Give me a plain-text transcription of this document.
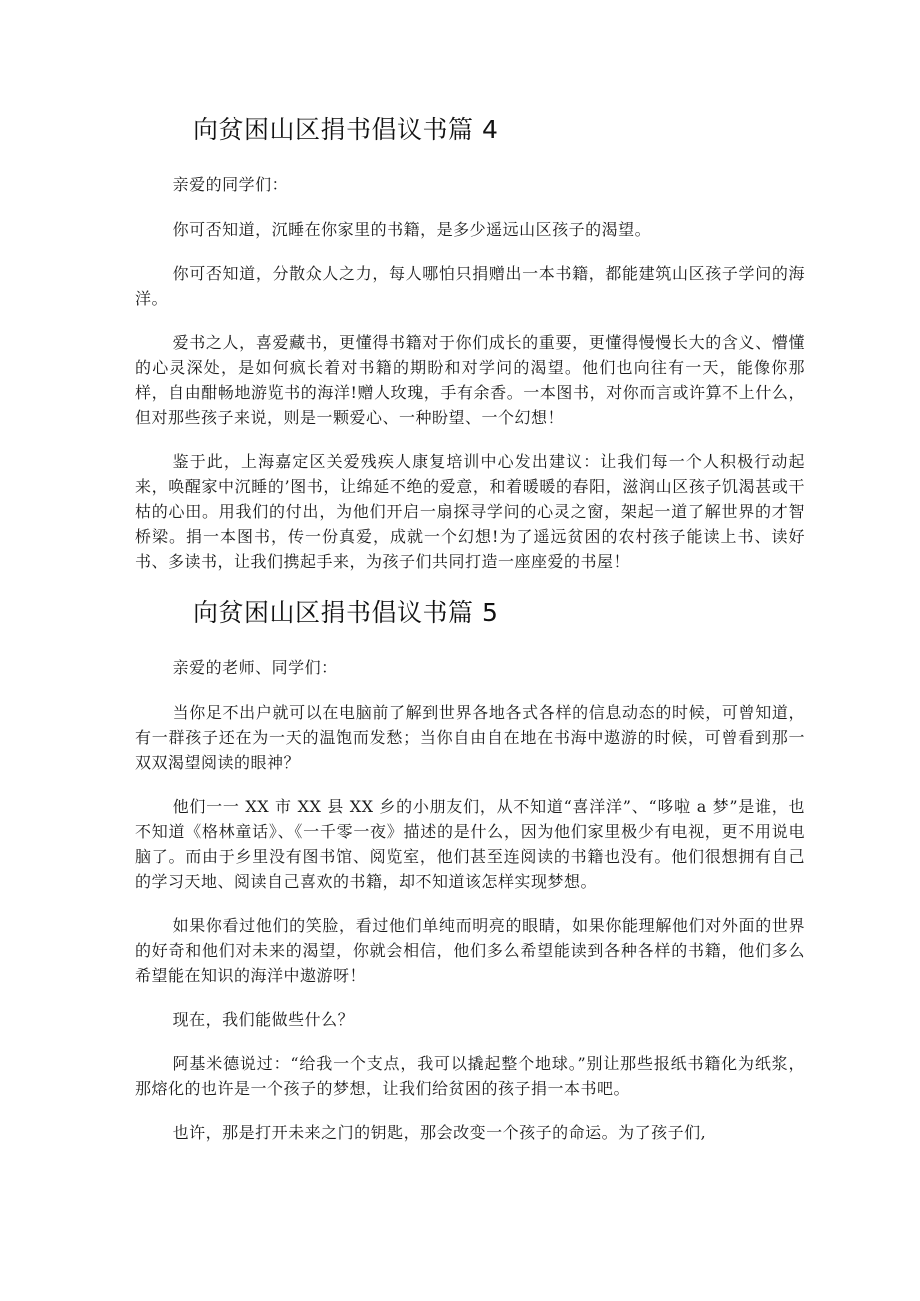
向贫困山区捐书倡议书篇 4

亲爱的同学们：

你可否知道，沉睡在你家里的书籍，是多少遥远山区孩子的渴望。

你可否知道，分散众人之力，每人哪怕只捐赠出一本书籍，都能建筑山区孩子学问的海洋。

爱书之人，喜爱藏书，更懂得书籍对于你们成长的重要，更懂得慢慢长大的含义、懵懂的心灵深处，是如何疯长着对书籍的期盼和对学问的渴望。他们也向往有一天，能像你那样，自由酣畅地游览书的海洋!赠人玫瑰，手有余香。一本图书，对你而言或许算不上什么，但对那些孩子来说，则是一颗爱心、一种盼望、一个幻想！

鉴于此，上海嘉定区关爱残疾人康复培训中心发出建议：让我们每一个人积极行动起来，唤醒家中沉睡的’图书，让绵延不绝的爱意，和着暖暖的春阳，滋润山区孩子饥渴甚或干枯的心田。用我们的付出，为他们开启一扇探寻学问的心灵之窗，架起一道了解世界的才智桥梁。捐一本图书，传一份真爱，成就一个幻想!为了遥远贫困的农村孩子能读上书、读好书、多读书，让我们携起手来，为孩子们共同打造一座座爱的书屋！

向贫困山区捐书倡议书篇 5

亲爱的老师、同学们：

当你足不出户就可以在电脑前了解到世界各地各式各样的信息动态的时候，可曾知道，有一群孩子还在为一天的温饱而发愁；当你自由自在地在书海中遨游的时候，可曾看到那一双双渴望阅读的眼神？

他们一一 XX 市 XX 县 XX 乡的小朋友们，从不知道“喜洋洋”、“哆啦 a 梦”是谁，也不知道《格林童话》、《一千零一夜》描述的是什么，因为他们家里极少有电视，更不用说电脑了。而由于乡里没有图书馆、阅览室，他们甚至连阅读的书籍也没有。他们很想拥有自己的学习天地、阅读自己喜欢的书籍，却不知道该怎样实现梦想。

如果你看过他们的笑脸，看过他们单纯而明亮的眼睛，如果你能理解他们对外面的世界的好奇和他们对未来的渴望，你就会相信，他们多么希望能读到各种各样的书籍，他们多么希望能在知识的海洋中遨游呀！

现在，我们能做些什么？

阿基米德说过：“给我一个支点，我可以撬起整个地球。”别让那些报纸书籍化为纸浆，那熔化的也许是一个孩子的梦想，让我们给贫困的孩子捐一本书吧。

也许，那是打开未来之门的钥匙，那会改变一个孩子的命运。为了孩子们,
